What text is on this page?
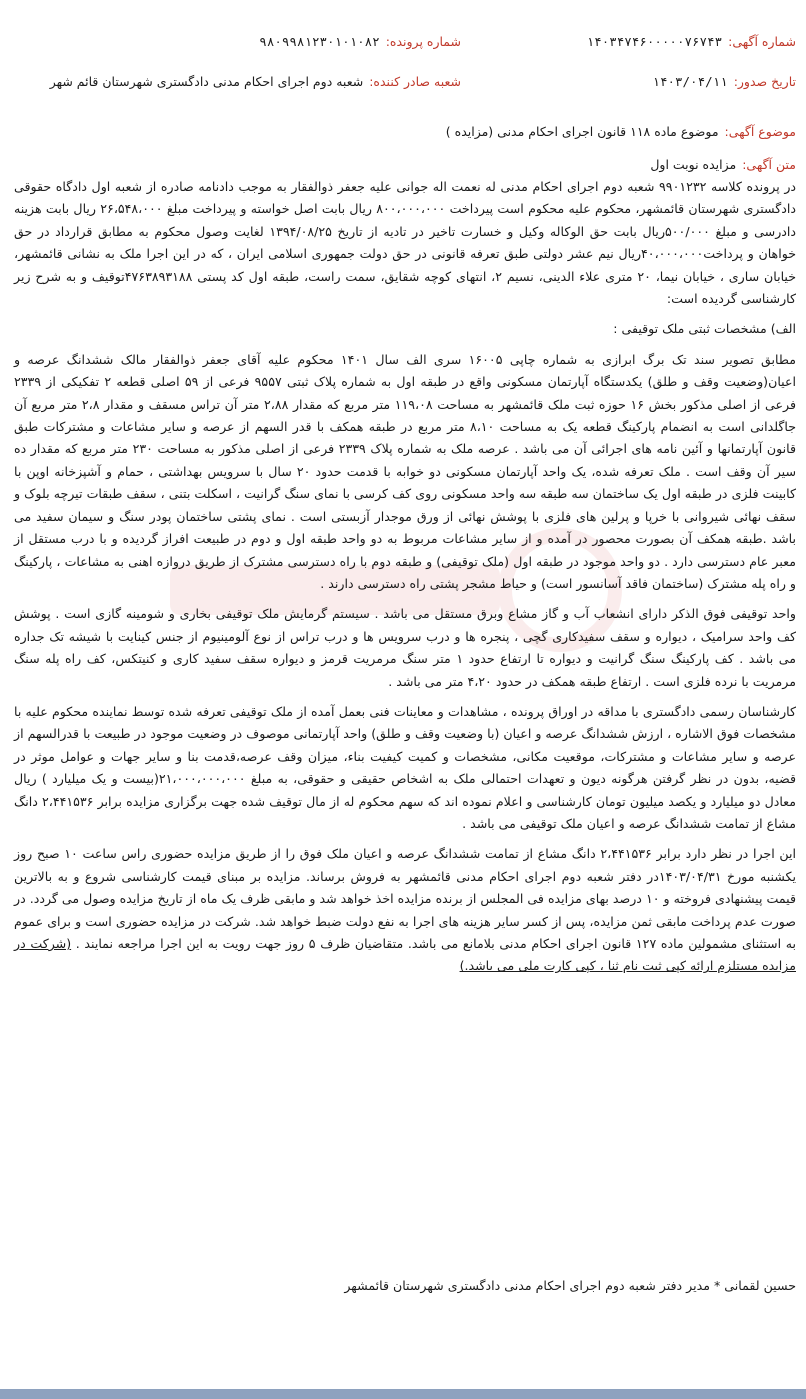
شماره آگهی:۱۴۰۳۴۷۴۶۰۰۰۰۰۷۶۷۴۳
شماره پرونده:۹۸۰۹۹۸۱۲۳۰۱۰۱۰۸۲
تاریخ صدور:۱۴۰۳/۰۴/۱۱
شعبه صادر کننده:شعبه دوم اجرای احکام مدنی دادگستری شهرستان قائم شهر
موضوع آگهی:موضوع ماده ۱۱۸ قانون اجرای احکام مدنی (مزایده )
متن آگهی:مزایده نوبت اول

در پرونده کلاسه ۹۹۰۱۲۳۲ شعبه دوم اجرای احکام مدنی له نعمت اله جوانی علیه جعفر ذوالفقار به موجب دادنامه صادره از شعبه اول دادگاه حقوقی دادگستری شهرستان قائمشهر، محکوم علیه محکوم است پیرداخت ۸۰۰،۰۰۰،۰۰۰ ریال بابت اصل خواسته و پیرداخت مبلغ ۲۶،۵۴۸،۰۰۰ ریال بابت هزینه دادرسی و مبلغ ۵۰۰/۰۰۰ریال بابت حق الوکاله وکیل و خسارت تاخیر در تادیه از تاریخ ۱۳۹۴/۰۸/۲۵ لغایت وصول محکوم به مطابق قرارداد در حق خواهان و پرداخت۴۰،۰۰۰،۰۰۰ریال نیم عشر دولتی طبق تعرفه قانونی در حق دولت جمهوری اسلامی ایران ، که در این اجرا ملک به نشانی قائمشهر، خیابان ساری ، خیابان نیما، ۲۰ متری علاء الدینی، نسیم ۲، انتهای کوچه شقایق، سمت راست، طبقه اول کد پستی ۴۷۶۳۸۹۳۱۸۸توقیف و به شرح زیر کارشناسی گردیده است:

الف) مشخصات ثبتی ملک توقیفی :

مطابق تصویر سند تک برگ ابرازی به شماره چاپی ۱۶۰۰۵ سری الف سال ۱۴۰۱ محکوم علیه آقای جعفر ذوالفقار مالک ششدانگ عرصه و اعیان(وضعیت وقف و طلق) یکدستگاه آپارتمان مسکونی واقع در طبقه اول به شماره پلاک ثبتی ۹۵۵۷ فرعی از ۵۹ اصلی قطعه ۲ تفکیکی از ۲۳۳۹ فرعی از اصلی مذکور بخش ۱۶ حوزه ثبت ملک قائمشهر به مساحت ۱۱۹،۰۸ متر مربع که مقدار ۲،۸۸ متر آن تراس مسقف و مقدار ۲،۸ متر مربع آن جاگلدانی است به انضمام پارکینگ قطعه یک به مساحت ۸،۱۰ متر مربع در طبقه همکف با قدر السهم از عرصه و سایر مشاعات و مشترکات طبق قانون آپارتمانها و آئین نامه های اجرائی آن می باشد . عرصه ملک به شماره پلاک ۲۳۳۹ فرعی از اصلی مذکور به مساحت ۲۳۰ متر مربع که مقدار ده سیر آن وقف است . ملک تعرفه شده، یک واحد آپارتمان مسکونی دو خوابه با قدمت حدود ۲۰ سال با سرویس بهداشتی ، حمام و آشپزخانه اوپن با کابینت فلزی در طبقه اول یک ساختمان سه طبقه سه واحد مسکونی روی کف کرسی با نمای سنگ گرانیت ، اسکلت بتنی ، سقف طبقات تیرچه بلوک و سقف نهائی شیروانی با خرپا و پرلین های فلزی با پوشش نهائی از ورق موجدار آزبستی است . نمای پشتی ساختمان پودر سنگ و سیمان سفید می باشد .طبقه همکف آن بصورت محصور در آمده و از سایر مشاعات مربوط به دو واحد طبقه اول و دوم در طبیعت افراز گردیده و با درب مستقل از معبر عام دسترسی دارد . دو واحد موجود در طبقه اول (ملک توقیفی) و طبقه دوم با راه دسترسی مشترک از طریق دروازه اهنی به مشاعات ، پارکینگ و راه پله مشترک (ساختمان فاقد آسانسور است) و حیاط مشجر پشتی راه دسترسی دارند .

واحد توقیفی فوق الذکر دارای انشعاب آب و گاز مشاع وبرق مستقل می باشد . سیستم گرمایش ملک توقیفی بخاری و شومینه گازی است . پوشش کف واحد سرامیک ، دیواره و سقف سفیدکاری گچی ، پنجره ها و درب سرویس ها و درب تراس از نوع آلومینیوم از جنس کینایت با شیشه تک جداره می باشد . کف پارکینگ سنگ گرانیت و دیواره تا ارتفاع حدود ۱ متر سنگ مرمریت قرمز و دیواره سقف سفید کاری و کنیتکس، کف راه پله سنگ مرمریت با نرده فلزی است . ارتفاع طبقه همکف در حدود ۴،۲۰ متر می باشد .

کارشناسان رسمی دادگستری با مداقه در اوراق پرونده ، مشاهدات و معاینات فنی بعمل آمده از ملک توقیفی تعرفه شده توسط نماینده محکوم علیه با مشخصات فوق الاشاره ، ارزش ششدانگ عرصه و اعیان (با وضعیت وقف و طلق) واحد آپارتمانی موصوف در وضعیت موجود در طبیعت با قدرالسهم از عرصه و سایر مشاعات و مشترکات، موقعیت مکانی، مشخصات و کمیت کیفیت بناء، میزان وقف عرصه،قدمت بنا و سایر جهات و عوامل موثر در قضیه، بدون در نظر گرفتن هرگونه دیون و تعهدات احتمالی ملک به اشخاص حقیقی و حقوقی، به مبلغ ۲۱،۰۰۰،۰۰۰،۰۰۰(بیست و یک میلیارد ) ریال معادل دو میلیارد و یکصد میلیون تومان کارشناسی و اعلام نموده اند که سهم محکوم له از مال توقیف شده جهت برگزاری مزایده برابر ۲،۴۴۱۵۳۶ دانگ مشاع از تمامت ششدانگ عرصه و اعیان ملک توقیفی می باشد .

این اجرا در نظر دارد برابر ۲،۴۴۱۵۳۶ دانگ مشاع از تمامت ششدانگ عرصه و اعیان ملک فوق را از طریق مزایده حضوری راس ساعت ۱۰ صبح روز یکشنبه مورخ ۱۴۰۳/۰۴/۳۱در دفتر شعبه دوم اجرای احکام مدنی قائمشهر به فروش برساند. مزایده بر مبنای قیمت کارشناسی شروع و به بالاترین قیمت پیشنهادی فروخته و ۱۰ درصد بهای مزایده فی المجلس از برنده مزایده اخذ خواهد شد و مابقی ظرف یک ماه از تاریخ مزایده وصول می گردد. در صورت عدم پرداخت مابقی ثمن مزایده، پس از کسر سایر هزینه های اجرا به نفع دولت ضبط خواهد شد. شرکت در مزایده حضوری است و برای عموم به استثنای مشمولین ماده ۱۲۷ قانون اجرای احکام مدنی بلامانع می باشد. متقاضیان ظرف ۵ روز جهت رویت به این اجرا مراجعه نمایند . (شرکت در مزایده مستلزم ارائه کپی ثبت نام ثنا ، کپی کارت ملی می باشد.)

حسین لقمانی * مدیر دفتر شعبه دوم اجرای احکام مدنی دادگستری شهرستان قائمشهر
